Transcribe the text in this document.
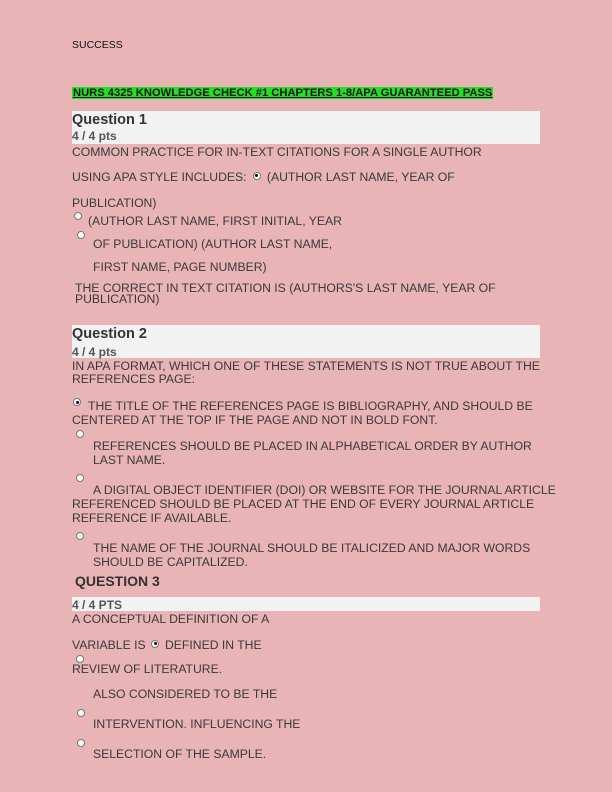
SUCCESS
NURS 4325 KNOWLEDGE CHECK #1 CHAPTERS 1-8/APA GUARANTEED PASS
Question 1
4 / 4 pts
COMMON PRACTICE FOR IN-TEXT CITATIONS FOR A SINGLE AUTHOR
USING APA STYLE INCLUDES: (AUTHOR LAST NAME, YEAR OF
PUBLICATION)
(AUTHOR LAST NAME, FIRST INITIAL, YEAR
OF PUBLICATION) (AUTHOR LAST NAME,
FIRST NAME, PAGE NUMBER)
THE CORRECT IN TEXT CITATION IS (AUTHORS'S LAST NAME, YEAR OF
PUBLICATION)
Question 2
4 / 4 pts
IN APA FORMAT, WHICH ONE OF THESE STATEMENTS IS NOT TRUE ABOUT THE
REFERENCES PAGE:
THE TITLE OF THE REFERENCES PAGE IS BIBLIOGRAPHY, AND SHOULD BE
CENTERED AT THE TOP IF THE PAGE AND NOT IN BOLD FONT.
REFERENCES SHOULD BE PLACED IN ALPHABETICAL ORDER BY AUTHOR
LAST NAME.
A DIGITAL OBJECT IDENTIFIER (DOI) OR WEBSITE FOR THE JOURNAL ARTICLE
REFERENCED SHOULD BE PLACED AT THE END OF EVERY JOURNAL ARTICLE
REFERENCE IF AVAILABLE.
THE NAME OF THE JOURNAL SHOULD BE ITALICIZED AND MAJOR WORDS
SHOULD BE CAPITALIZED.
QUESTION 3
4 / 4 PTS
A CONCEPTUAL DEFINITION OF A
VARIABLE IS DEFINED IN THE
REVIEW OF LITERATURE.
ALSO CONSIDERED TO BE THE
INTERVENTION. INFLUENCING THE
SELECTION OF THE SAMPLE.
